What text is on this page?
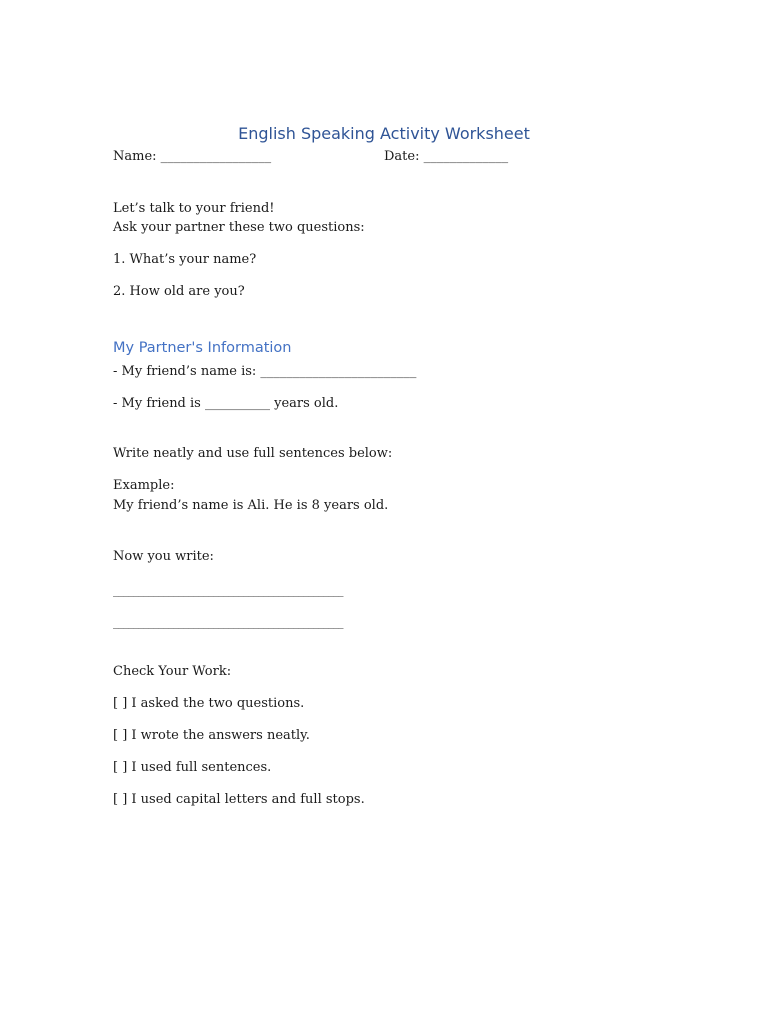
English Speaking Activity Worksheet
Name: _________________	Date: _____________
Let’s talk to your friend!
Ask your partner these two questions:
1. What’s your name?
2. How old are you?
My Partner's Information
- My friend’s name is: ________________________
- My friend is __________ years old.
Write neatly and use full sentences below:
Example:
My friend’s name is Ali. He is 8 years old.
Now you write:
______________________________________________
______________________________________________
Check Your Work:
[ ] I asked the two questions.
[ ] I wrote the answers neatly.
[ ] I used full sentences.
[ ] I used capital letters and full stops.
